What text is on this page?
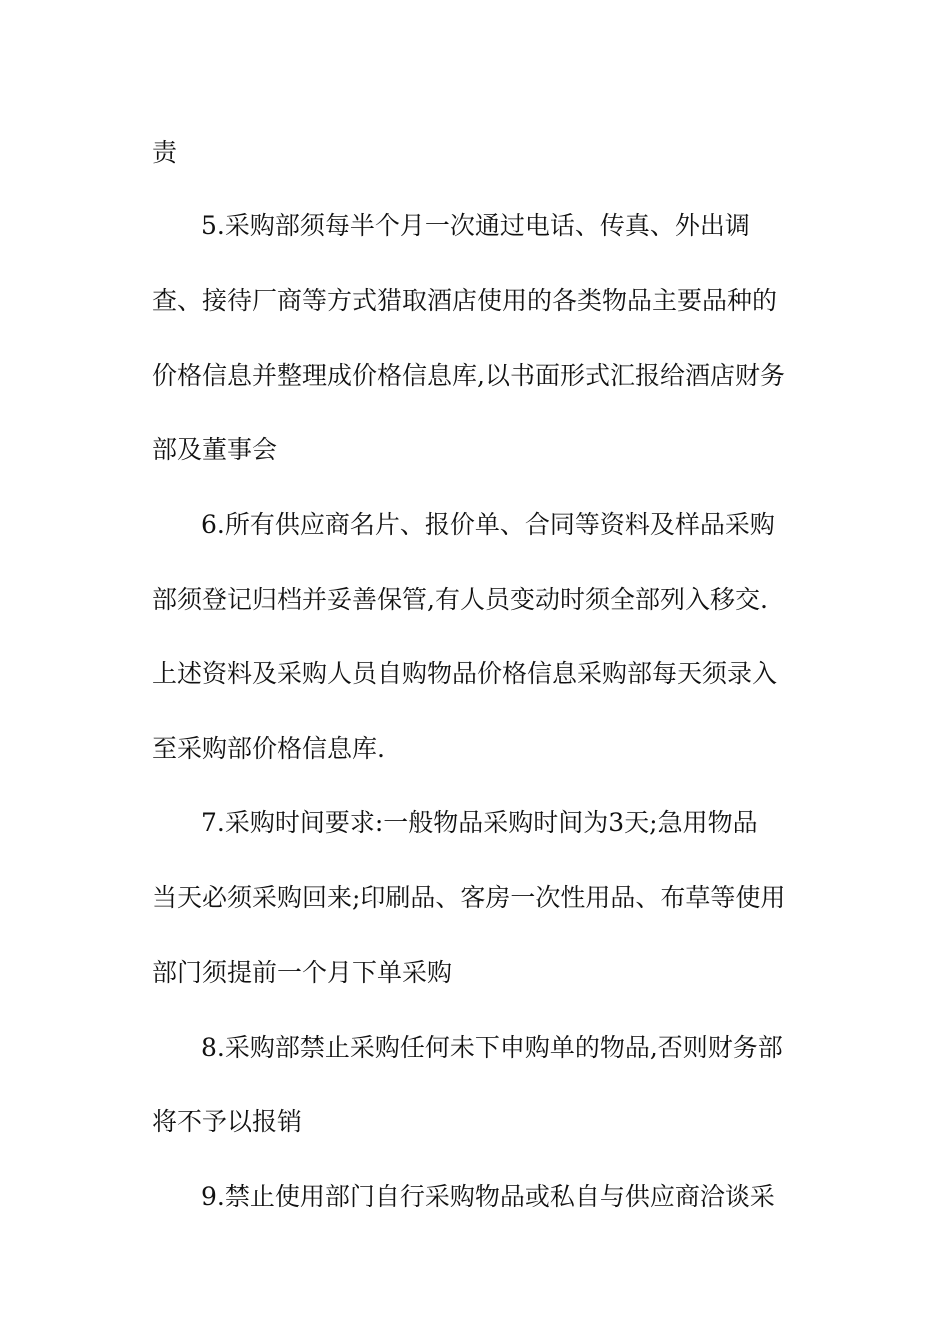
责
5.采购部须每半个月一次通过电话、传真、外出调
查、接待厂商等方式猎取酒店使用的各类物品主要品种的
价格信息并整理成价格信息库,以书面形式汇报给酒店财务
部及董事会
6.所有供应商名片、报价单、合同等资料及样品采购
部须登记归档并妥善保管,有人员变动时须全部列入移交.
上述资料及采购人员自购物品价格信息采购部每天须录入
至采购部价格信息库.
7.采购时间要求:一般物品采购时间为3天;急用物品
当天必须采购回来;印刷品、客房一次性用品、布草等使用
部门须提前一个月下单采购
8.采购部禁止采购任何未下申购单的物品,否则财务部
将不予以报销
9.禁止使用部门自行采购物品或私自与供应商洽谈采
